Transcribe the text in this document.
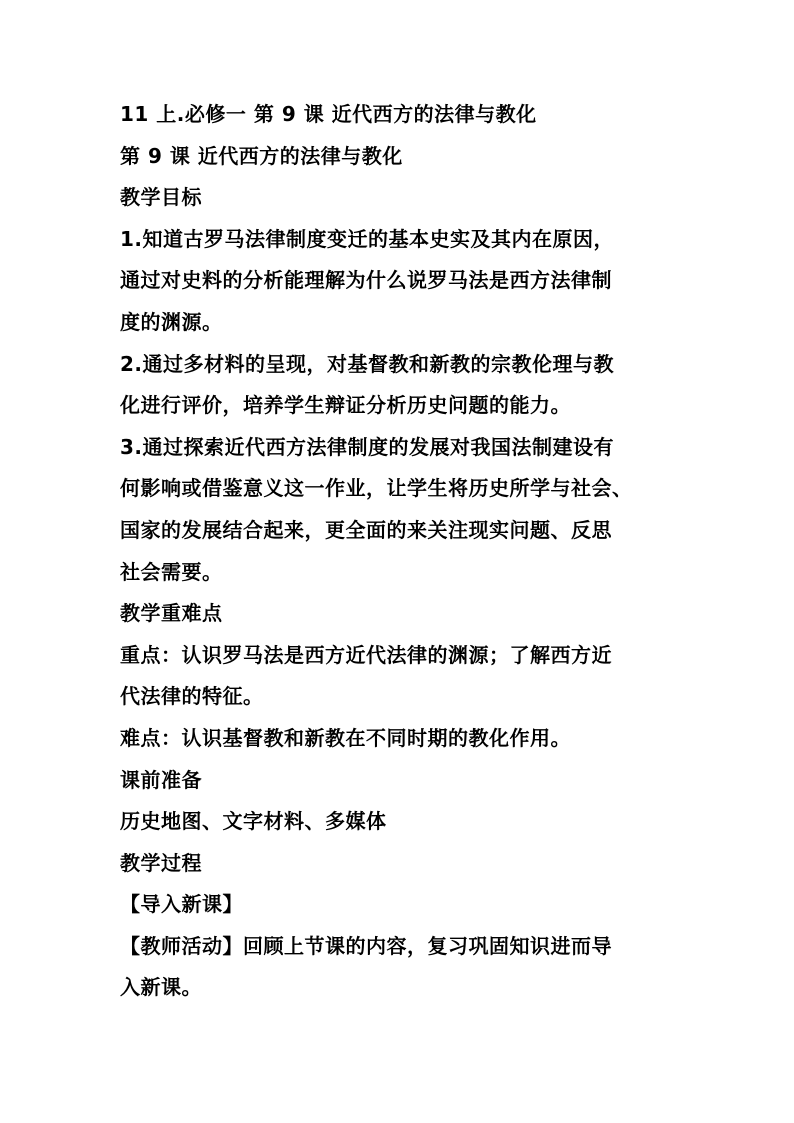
11 上.必修一 第 9 课 近代西方的法律与教化
第 9 课 近代西方的法律与教化
教学目标
1.知道古罗马法律制度变迁的基本史实及其内在原因，
通过对史料的分析能理解为什么说罗马法是西方法律制
度的渊源。
2.通过多材料的呈现，对基督教和新教的宗教伦理与教
化进行评价，培养学生辩证分析历史问题的能力。
3.通过探索近代西方法律制度的发展对我国法制建设有
何影响或借鉴意义这一作业，让学生将历史所学与社会、
国家的发展结合起来，更全面的来关注现实问题、反思
社会需要。
教学重难点
重点：认识罗马法是西方近代法律的渊源；了解西方近
代法律的特征。
难点：认识基督教和新教在不同时期的教化作用。
课前准备
历史地图、文字材料、多媒体
教学过程
【导入新课】
【教师活动】回顾上节课的内容，复习巩固知识进而导
入新课。
